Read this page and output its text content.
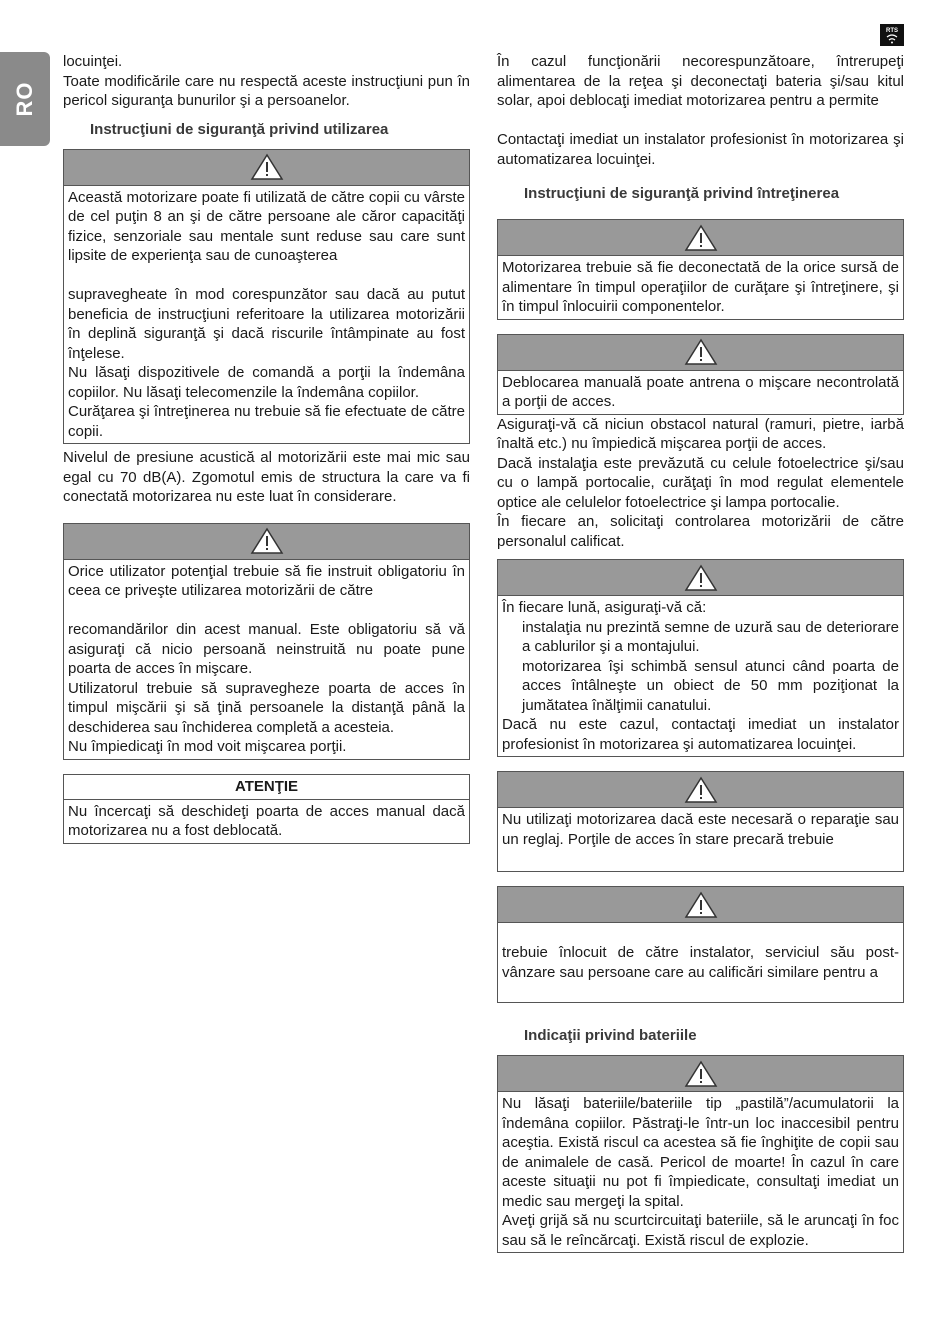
RO
RTS

locuinţei.

Toate modificările care nu respectă aceste instrucţiuni pun în pericol siguranţa bunurilor şi a persoanelor.

Instrucţiuni de siguranţă privind utilizarea

Această motorizare poate fi utilizată de către copii cu vârste de cel puţin 8 an şi de către persoane ale căror capacităţi fizice, senzoriale sau mentale sunt reduse sau care sunt lipsite de experienţa sau de cunoaşterea

supravegheate în mod corespunzător sau dacă au putut beneficia de instrucţiuni referitoare la utilizarea motorizării în deplină siguranţă şi dacă riscurile întâmpinate au fost înţelese.

Nu lăsaţi dispozitivele de comandă a porţii la îndemâna copiilor. Nu lăsaţi telecomenzile la îndemâna copiilor.

Curăţarea şi întreţinerea nu trebuie să fie efectuate de către copii.

Nivelul de presiune acustică al motorizării este mai mic sau egal cu 70 dB(A). Zgomotul emis de structura la care va fi conectată motorizarea nu este luat în considerare.

Orice utilizator potenţial trebuie să fie instruit obligatoriu în ceea ce priveşte utilizarea motorizării de către

recomandărilor din acest manual. Este obligatoriu să vă asiguraţi că nicio persoană neinstruită nu poate pune poarta de acces în mişcare.

Utilizatorul trebuie să supravegheze poarta de acces în timpul mişcării şi să ţină persoanele la distanţă până la deschiderea sau închiderea completă a acesteia.

Nu împiedicaţi în mod voit mişcarea porţii.

ATENŢIE

Nu încercaţi să deschideţi poarta de acces manual dacă motorizarea nu a fost deblocată.

În cazul funcţionării necorespunzătoare, întrerupeţi alimentarea de la reţea şi deconectaţi bateria şi/sau kitul solar, apoi deblocaţi imediat motorizarea pentru a permite

Contactaţi imediat un instalator profesionist în motorizarea şi automatizarea locuinţei.

Instrucţiuni de siguranţă privind întreţinerea

Motorizarea trebuie să fie deconectată de la orice sursă de alimentare în timpul operaţiilor de curăţare şi întreţinere, şi în timpul înlocuirii componentelor.

Deblocarea manuală poate antrena o mişcare necontrolată a porţii de acces.

Asiguraţi-vă că niciun obstacol natural (ramuri, pietre, iarbă înaltă etc.) nu împiedică mişcarea porţii de acces.

Dacă instalaţia este prevăzută cu celule fotoelectrice şi/sau cu o lampă portocalie, curăţaţi în mod regulat elementele optice ale celulelor fotoelectrice şi lampa portocalie.

În fiecare an, solicitaţi controlarea motorizării de către personalul calificat.

În fiecare lună, asiguraţi-vă că:

instalaţia nu prezintă semne de uzură sau de deteriorare a cablurilor şi a montajului.

motorizarea îşi schimbă sensul atunci când poarta de acces întâlneşte un obiect de 50 mm poziţionat la jumătatea înălţimii canatului.

Dacă nu este cazul, contactaţi imediat un instalator profesionist în motorizarea şi automatizarea locuinţei.

Nu utilizaţi motorizarea dacă este necesară o reparaţie sau un reglaj. Porţile de acces în stare precară trebuie

trebuie înlocuit de către instalator, serviciul său post-vânzare sau persoane care au calificări similare pentru a

Indicaţii privind bateriile

Nu lăsaţi bateriile/bateriile tip „pastilă”/acumulatorii la îndemâna copiilor. Păstraţi-le într-un loc inaccesibil pentru aceştia. Există riscul ca acestea să fie înghiţite de copii sau de animalele de casă. Pericol de moarte! În cazul în care aceste situaţii nu pot fi împiedicate, consultaţi imediat un medic sau mergeţi la spital.

Aveţi grijă să nu scurtcircuitaţi bateriile, să le aruncaţi în foc sau să le reîncărcaţi. Există riscul de explozie.
